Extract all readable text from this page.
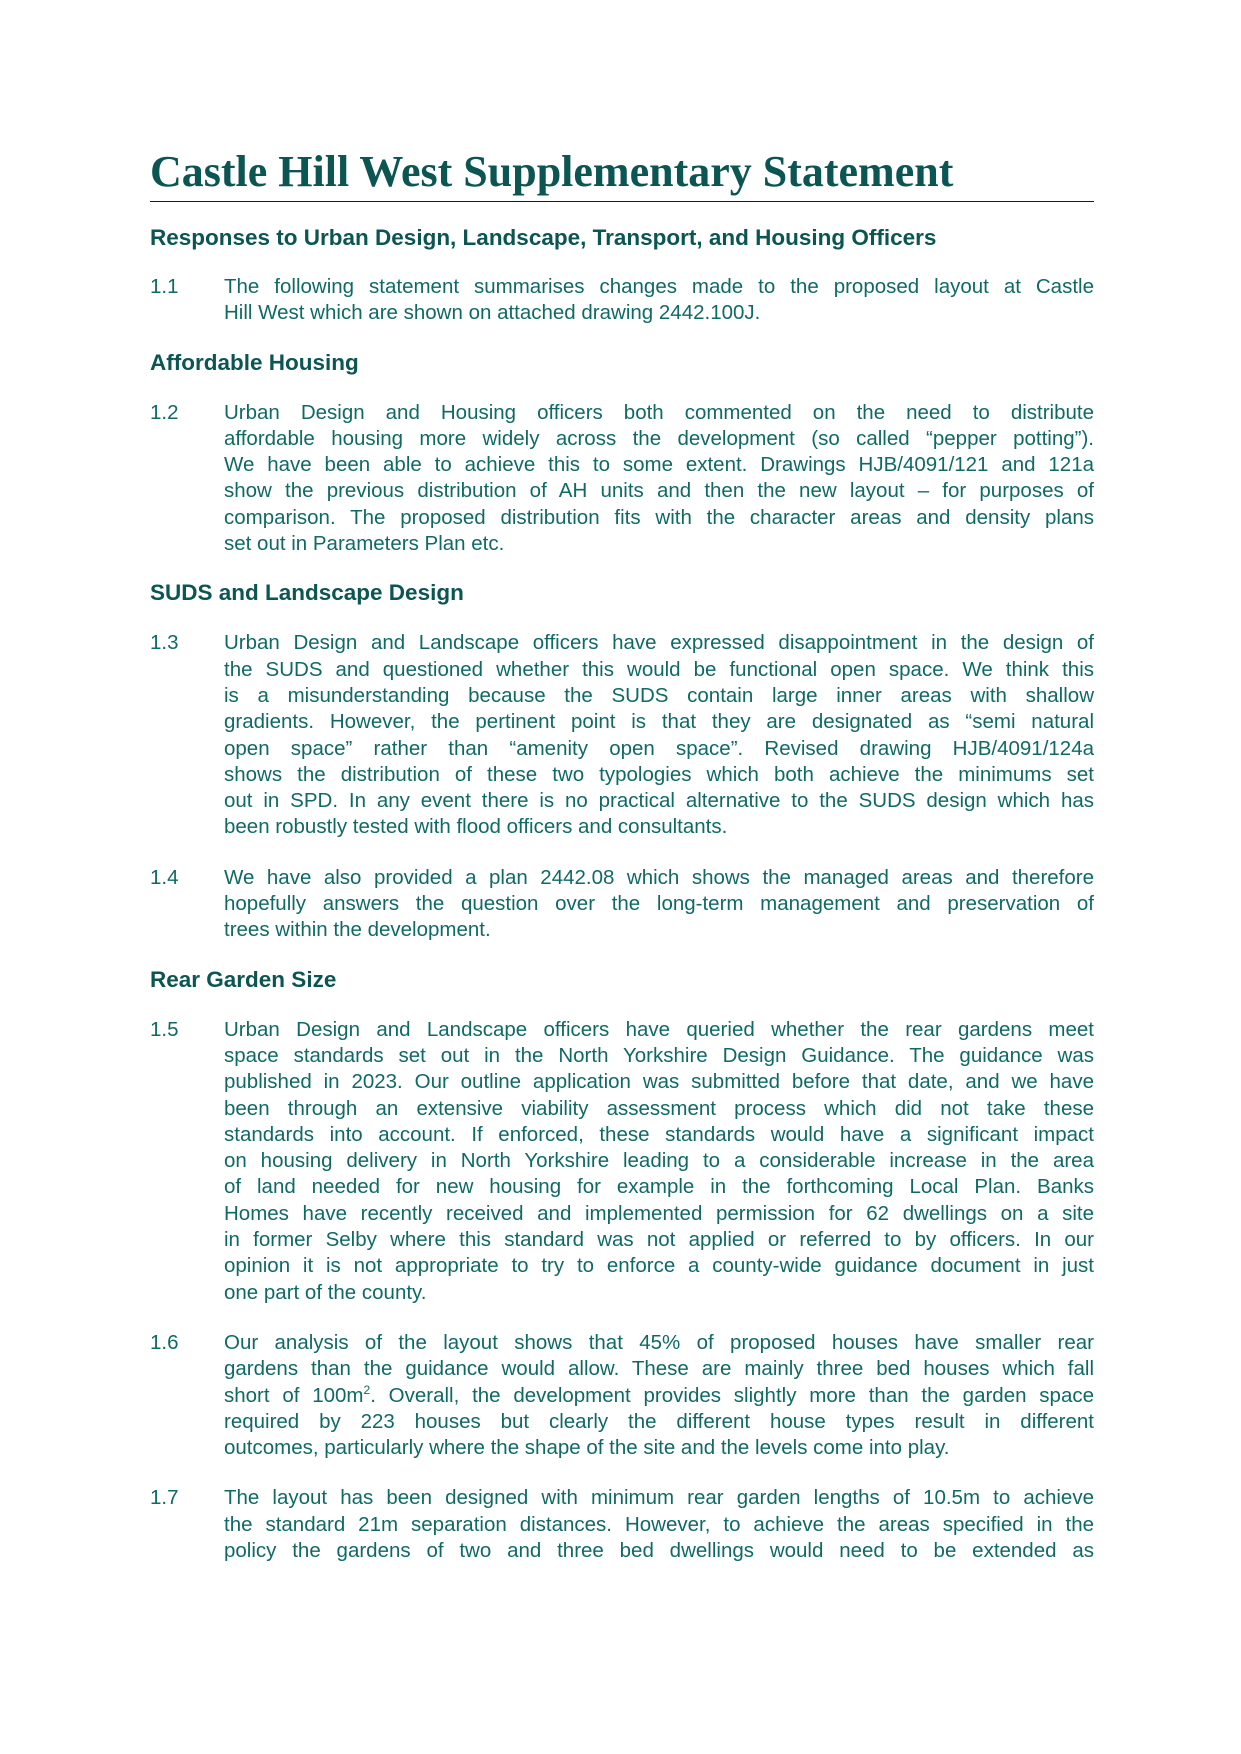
Castle Hill West Supplementary Statement
Responses to Urban Design, Landscape, Transport, and Housing Officers
1.1	The following statement summarises changes made to the proposed layout at Castle
Hill West which are shown on attached drawing 2442.100J.
Affordable Housing
1.2	Urban Design and Housing officers both commented on the need to distribute
affordable housing more widely across the development (so called “pepper potting”).
We have been able to achieve this to some extent. Drawings HJB/4091/121 and 121a
show the previous distribution of AH units and then the new layout – for purposes of
comparison. The proposed distribution fits with the character areas and density plans
set out in Parameters Plan etc.
SUDS and Landscape Design
1.3	Urban Design and Landscape officers have expressed disappointment in the design of
the SUDS and questioned whether this would be functional open space. We think this
is a misunderstanding because the SUDS contain large inner areas with shallow
gradients. However, the pertinent point is that they are designated as “semi natural
open space” rather than “amenity open space”. Revised drawing HJB/4091/124a
shows the distribution of these two typologies which both achieve the minimums set
out in SPD. In any event there is no practical alternative to the SUDS design which has
been robustly tested with flood officers and consultants.
1.4	We have also provided a plan 2442.08 which shows the managed areas and therefore
hopefully answers the question over the long-term management and preservation of
trees within the development.
Rear Garden Size
1.5	Urban Design and Landscape officers have queried whether the rear gardens meet
space standards set out in the North Yorkshire Design Guidance. The guidance was
published in 2023. Our outline application was submitted before that date, and we have
been through an extensive viability assessment process which did not take these
standards into account. If enforced, these standards would have a significant impact
on housing delivery in North Yorkshire leading to a considerable increase in the area
of land needed for new housing for example in the forthcoming Local Plan. Banks
Homes have recently received and implemented permission for 62 dwellings on a site
in former Selby where this standard was not applied or referred to by officers. In our
opinion it is not appropriate to try to enforce a county-wide guidance document in just
one part of the county.
1.6	Our analysis of the layout shows that 45% of proposed houses have smaller rear
gardens than the guidance would allow. These are mainly three bed houses which fall
short of $100m^2$. Overall, the development provides slightly more than the garden space
required by 223 houses but clearly the different house types result in different
outcomes, particularly where the shape of the site and the levels come into play.
1.7	The layout has been designed with minimum rear garden lengths of 10.5m to achieve
the standard 21m separation distances. However, to achieve the areas specified in the
policy the gardens of two and three bed dwellings would need to be extended as
